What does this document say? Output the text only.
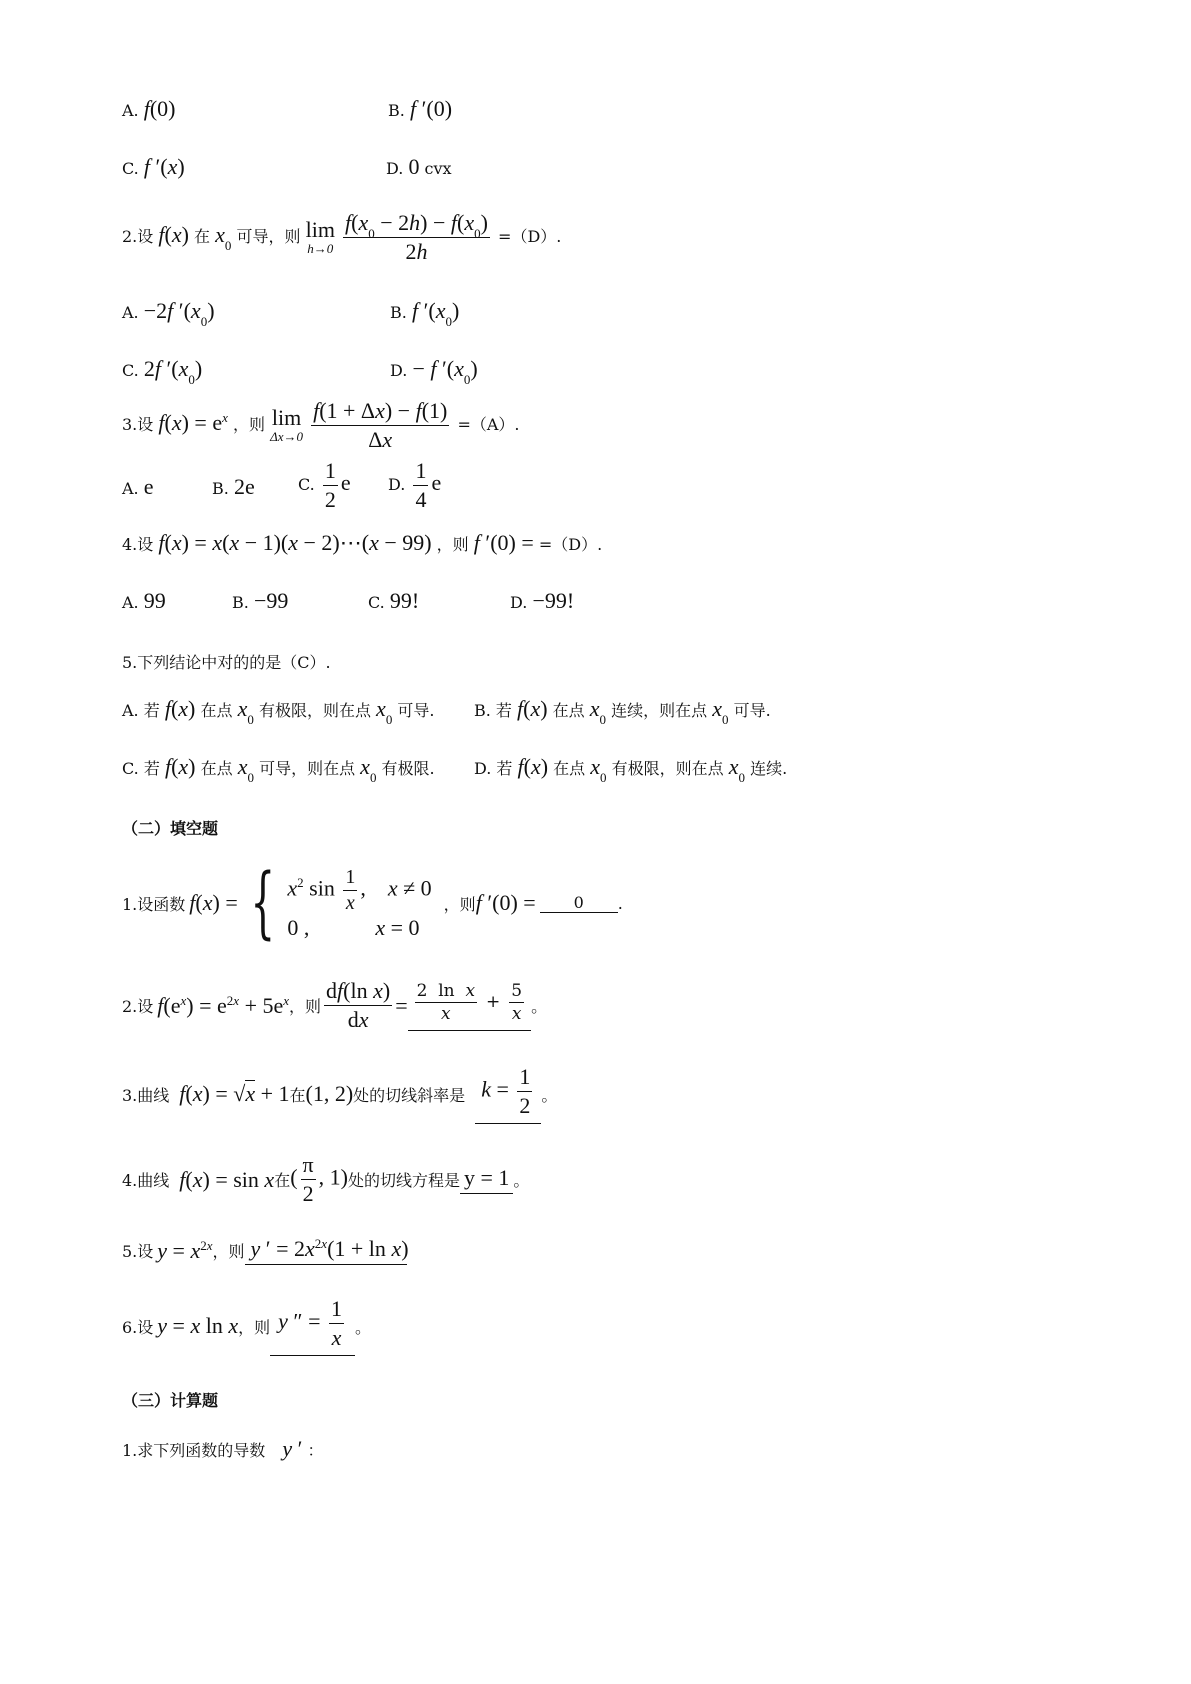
A. f(0)	B. f ′(0)
C. f ′(x)	D. 0 cvx
2.设 f(x) 在 $x_0$ 可导，则 lim
h→0
$\frac{f(x_0 - 2h) - f(x_0)}{2h} =(D)$.
A. −2f $'(x_0)$	B. f $'(x_0)$
C. 2f $'(x_0)$	D. − f $'(x_0)$
3.设 $f(x) = e^x$ ，则 lim
Δx→0
$\frac{f(1 + \Delta x) - f(1)}{\Delta x} =(A)$.
A. e	B. 2e	C. $\frac{1}{2}$ e D. $\frac{1}{4}$ e
4.设 f(x) = x(x − 1)(x − 2)⋯(x − 99) ，则 f ′(0) = =（D）.
A. 99	B. −99	C. 99!	D. −99!
5.下列结论中对的的是（C）.
A. 若 f(x) 在点 $x_0$ 有极限，则在点 $x_0$ 可导. B. 若 f(x) 在点 $x_0$ 连续，则在点 $x_0$ 可导.
C. 若 f(x) 在点 $x_0$ 可导，则在点 $x_0$ 有极限. D. 若 f(x) 在点 $x_0$ 有极限，则在点 $x_0$ 连续.
（二）填空题
1.设函数 f(x) = { $x^2$ $\sin \frac{1}{x}$ ,    x ≠ 0
0 ,            x = 0
，则 f ′(0) =	0	.
2.设 $f(e^x) = e^{2x} + 5e^x$ ，则 $\frac{\text{df(ln x)}}{dx} = \frac{\text{2  ln  x}}{x} + \frac{5}{x}$ 。
3.曲线 f(x) = √x + 1 在 (1, 2) 处的切线斜率是 $k = \frac{1}{2}$ 。
4.曲线 f(x) = sin x 在 ( $\frac{\pi}{2}$ , 1) 处的切线方程是 y = 1 。
5.设 $y = x^{2x}$ ，则 y ′ = $2x^{2x}(1 + \ln x)$
6.设 y = x ln x ，则 y ″ = $\frac{1}{x}$ 。
（三）计算题
1.求下列函数的导数 y ′ ：
